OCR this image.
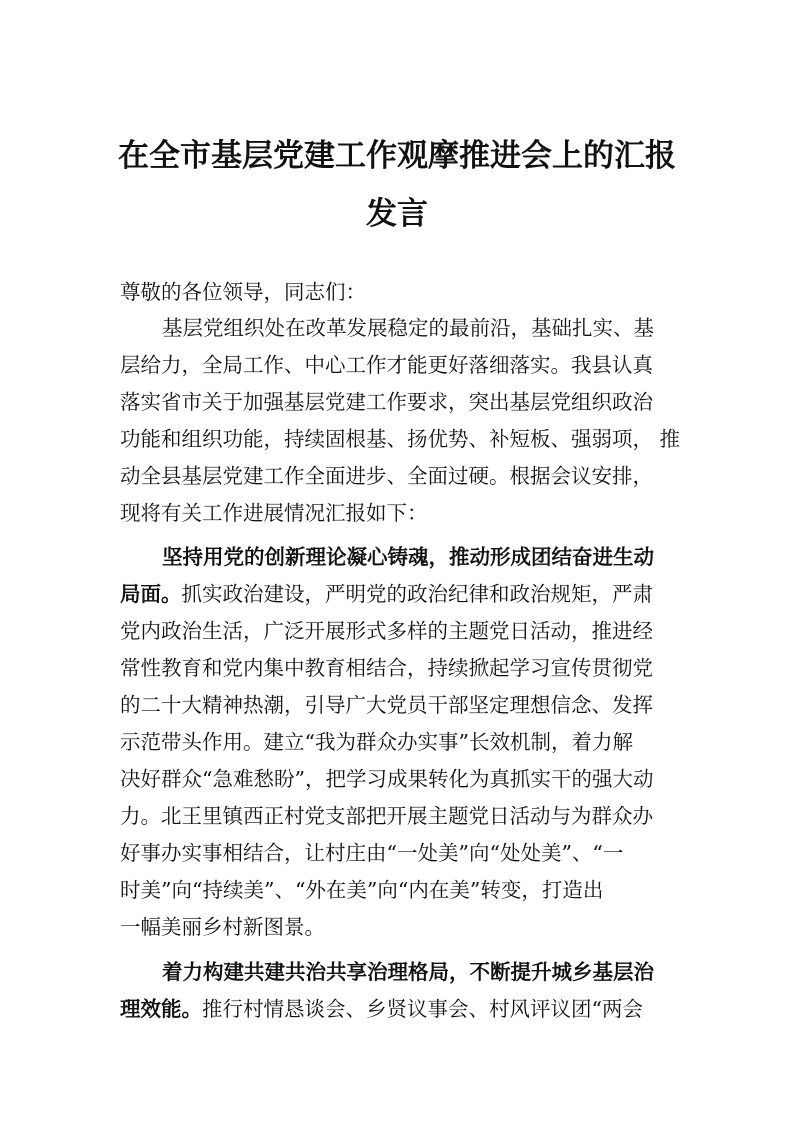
在全市基层党建工作观摩推进会上的汇报
发言
尊敬的各位领导，同志们：
基层党组织处在改革发展稳定的最前沿，基础扎实、基
层给力，全局工作、中心工作才能更好落细落实。我县认真
落实省市关于加强基层党建工作要求，突出基层党组织政治
功能和组织功能，持续固根基、扬优势、补短板、强弱项， 推
动全县基层党建工作全面进步、全面过硬。根据会议安排，
现将有关工作进展情况汇报如下：
坚持用党的创新理论凝心铸魂，推动形成团结奋进生动
局面。抓实政治建设，严明党的政治纪律和政治规矩，严肃
党内政治生活，广泛开展形式多样的主题党日活动，推进经
常性教育和党内集中教育相结合，持续掀起学习宣传贯彻党
的二十大精神热潮，引导广大党员干部坚定理想信念、发挥
示范带头作用。建立“我为群众办实事”长效机制，着力解
决好群众“急难愁盼”，把学习成果转化为真抓实干的强大动
力。北王里镇西正村党支部把开展主题党日活动与为群众办
好事办实事相结合，让村庄由“一处美”向“处处美”、“一
时美”向“持续美”、“外在美”向“内在美”转变，打造出
一幅美丽乡村新图景。
着力构建共建共治共享治理格局，不断提升城乡基层治
理效能。推行村情恳谈会、乡贤议事会、村风评议团“两会
